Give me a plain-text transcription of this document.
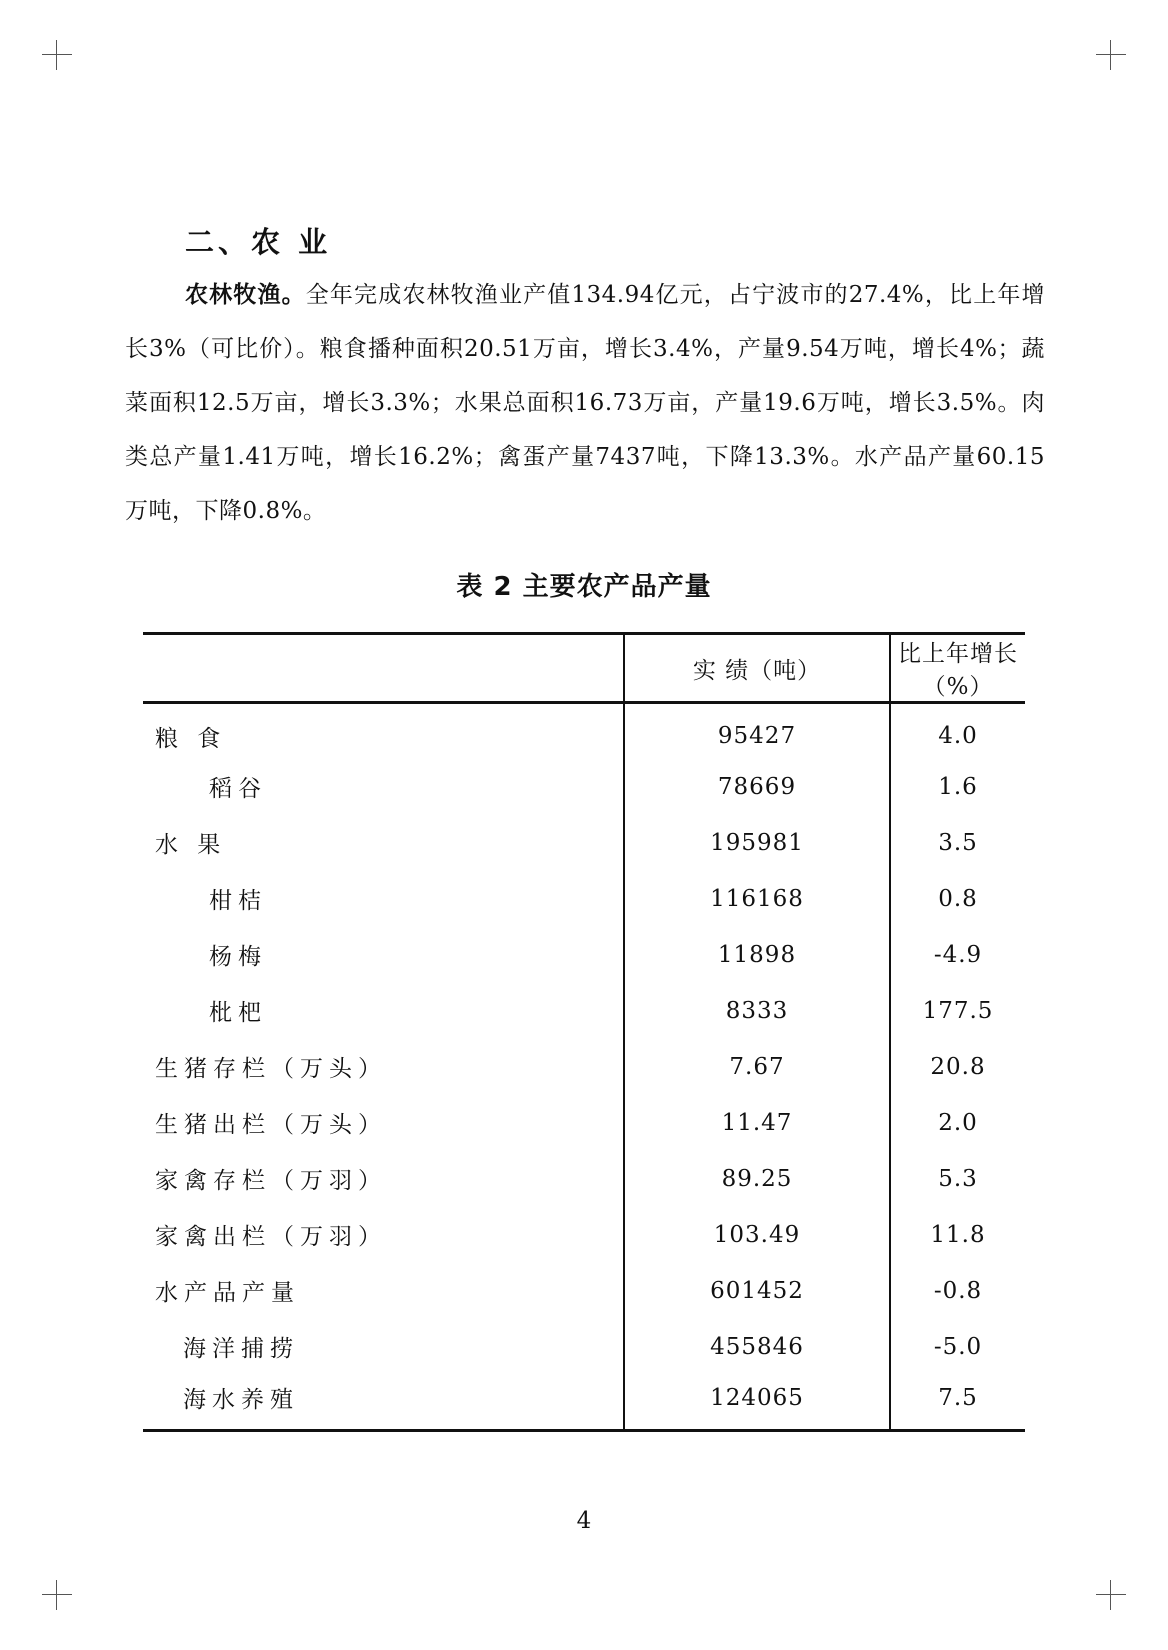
二、农 业
农林牧渔。全年完成农林牧渔业产值134.94亿元，占宁波市的27.4%，比上年增长3%（可比价）。粮食播种面积20.51万亩，增长3.4%，产量9.54万吨，增长4%；蔬菜面积12.5万亩，增长3.3%；水果总面积16.73万亩，产量19.6万吨，增长3.5%。肉类总产量1.41万吨，增长16.2%；禽蛋产量7437吨，下降13.3%。水产品产量60.15万吨，下降0.8%。
表 2 主要农产品产量
	实 绩（吨）	比上年增长（%）
粮 食	95427	4.0
稻谷	78669	1.6
水 果	195981	3.5
柑桔	116168	0.8
杨梅	11898	-4.9
枇杷	8333	177.5
生猪存栏（万头）	7.67	20.8
生猪出栏（万头）	11.47	2.0
家禽存栏（万羽）	89.25	5.3
家禽出栏（万羽）	103.49	11.8
水产品产量	601452	-0.8
海洋捕捞	455846	-5.0
海水养殖	124065	7.5
4
